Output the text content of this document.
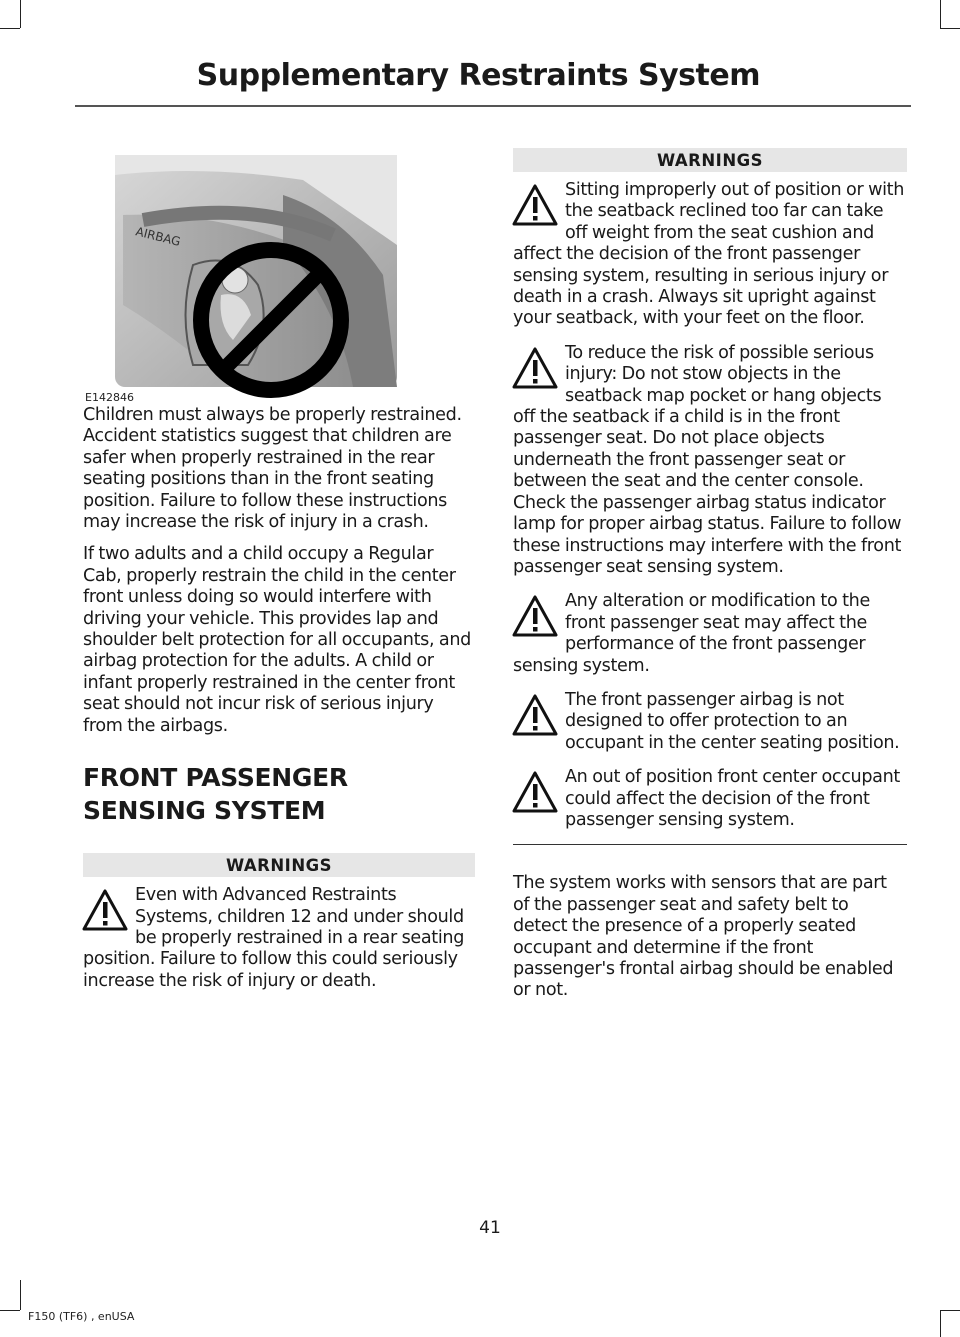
Supplementary Restraints System
AIRBAG
E142846

Children must always be properly restrained. Accident statistics suggest that children are safer when properly restrained in the rear seating positions than in the front seating position. Failure to follow these instructions may increase the risk of injury in a crash.

If two adults and a child occupy a Regular Cab, properly restrain the child in the center front unless doing so would interfere with driving your vehicle. This provides lap and shoulder belt protection for all occupants, and airbag protection for the adults. A child or infant properly restrained in the center front seat should not incur risk of serious injury from the airbags.

FRONT PASSENGER SENSING SYSTEM
WARNINGS

Even with Advanced Restraints Systems, children 12 and under should be properly restrained in a rear seating position. Failure to follow this could seriously increase the risk of injury or death.

WARNINGS

Sitting improperly out of position or with the seatback reclined too far can take off weight from the seat cushion and affect the decision of the front passenger sensing system, resulting in serious injury or death in a crash. Always sit upright against your seatback, with your feet on the floor.

To reduce the risk of possible serious injury: Do not stow objects in the seatback map pocket or hang objects off the seatback if a child is in the front passenger seat. Do not place objects underneath the front passenger seat or between the seat and the center console. Check the passenger airbag status indicator lamp for proper airbag status. Failure to follow these instructions may interfere with the front passenger seat sensing system.

Any alteration or modification to the front passenger seat may affect the performance of the front passenger sensing system.

The front passenger airbag is not designed to offer protection to an occupant in the center seating position.

An out of position front center occupant could affect the decision of the front passenger sensing system.

The system works with sensors that are part of the passenger seat and safety belt to detect the presence of a properly seated occupant and determine if the front passenger's frontal airbag should be enabled or not.

41
F150 (TF6) , enUSA
